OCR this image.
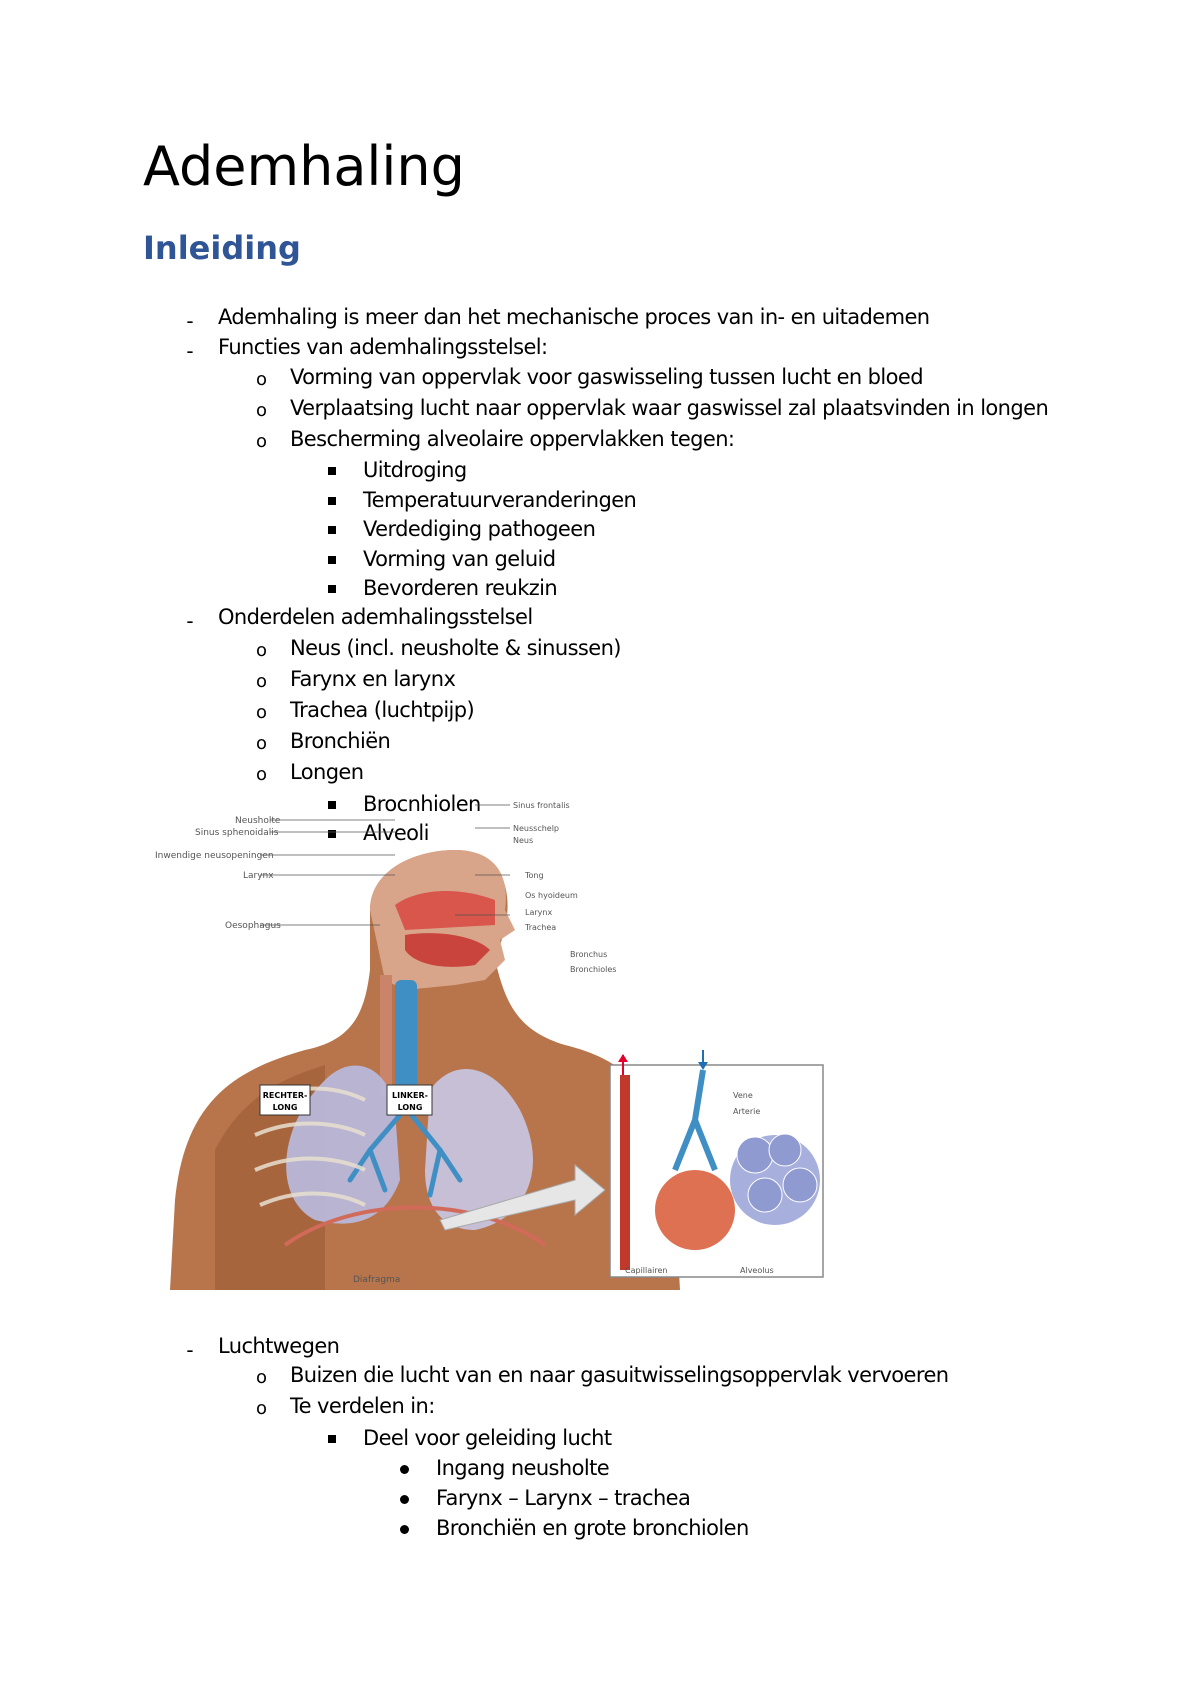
Ademhaling
Inleiding
- Ademhaling is meer dan het mechanische proces van in- en uitademen
- Functies van ademhalingsstelsel:
o Vorming van oppervlak voor gaswisseling tussen lucht en bloed
o Verplaatsing lucht naar oppervlak waar gaswissel zal plaatsvinden in longen
o Bescherming alveolaire oppervlakken tegen:
Uitdroging
Temperatuurveranderingen
Verdediging pathogeen
Vorming van geluid
Bevorderen reukzin
- Onderdelen ademhalingsstelsel
o Neus (incl. neusholte & sinussen)
o Farynx en larynx
o Trachea (luchtpijp)
o Bronchiën
o Longen
Brocnhiolen
Alveoli
- Luchtwegen
o Buizen die lucht van en naar gasuitwisselingsoppervlak vervoeren
o Te verdelen in:
Deel voor geleiding lucht
Ingang neusholte
Farynx – Larynx – trachea
Bronchiën en grote bronchiolen
RECHTER-
LONG
LINKER-
LONG
Neusholte
Sinus sphenoidalis
Inwendige neusopeningen
Larynx
Oesophagus
Sinus frontalis
Neusschelp
Neus
Tong
Os hyoideum
Larynx
Trachea
Bronchus
Bronchioles
Diafragma
Vene
Arterie
Capillairen	Alveolus
